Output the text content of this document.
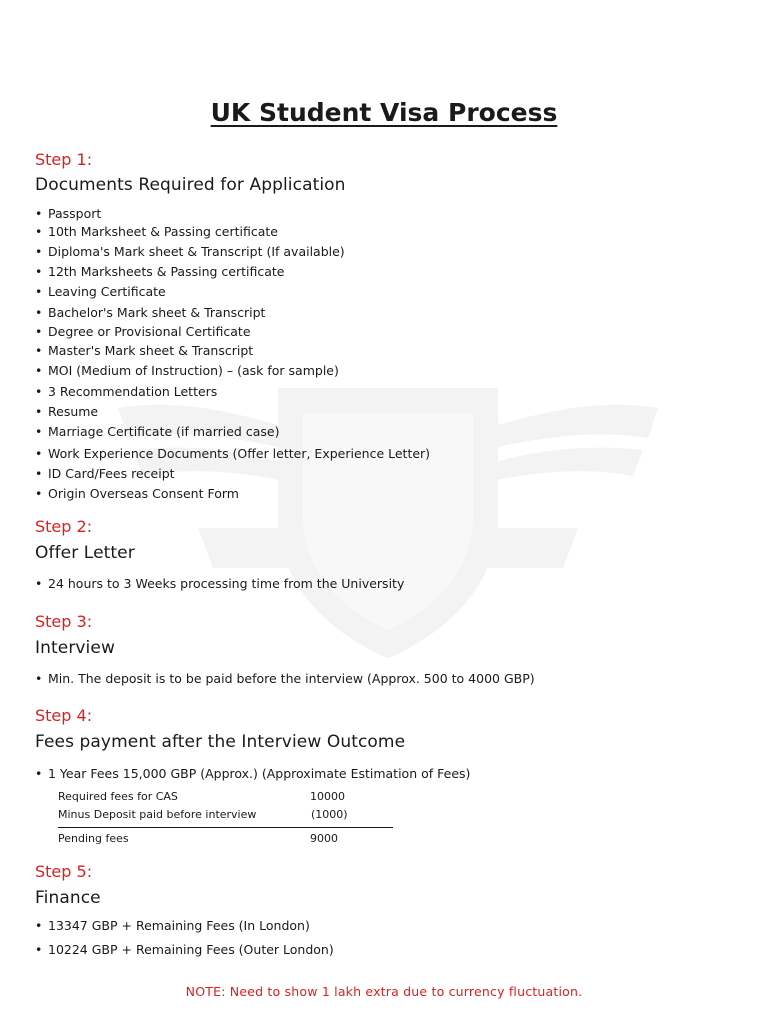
UK Student Visa Process
Step 1:
Documents Required for Application
• Passport
• 10th Marksheet & Passing certificate
• Diploma's Mark sheet & Transcript (If available)
• 12th Marksheets & Passing certificate
• Leaving Certificate
• Bachelor's Mark sheet & Transcript
• Degree or Provisional Certificate
• Master's Mark sheet & Transcript
• MOI (Medium of Instruction) – (ask for sample)
• 3 Recommendation Letters
• Resume
• Marriage Certificate (if married case)
• Work Experience Documents (Offer letter, Experience Letter)
• ID Card/Fees receipt
• Origin Overseas Consent Form
Step 2:
Offer Letter
• 24 hours to 3 Weeks processing time from the University
Step 3:
Interview
• Min. The deposit is to be paid before the interview (Approx. 500 to 4000 GBP)
Step 4:
Fees payment after the Interview Outcome
• 1 Year Fees 15,000 GBP (Approx.) (Approximate Estimation of Fees)
Required fees for CAS	10000
Minus Deposit paid before interview	(1000)
Pending fees	9000
Step 5:
Finance
• 13347 GBP + Remaining Fees (In London)
• 10224 GBP + Remaining Fees (Outer London)
NOTE: Need to show 1 lakh extra due to currency fluctuation.
